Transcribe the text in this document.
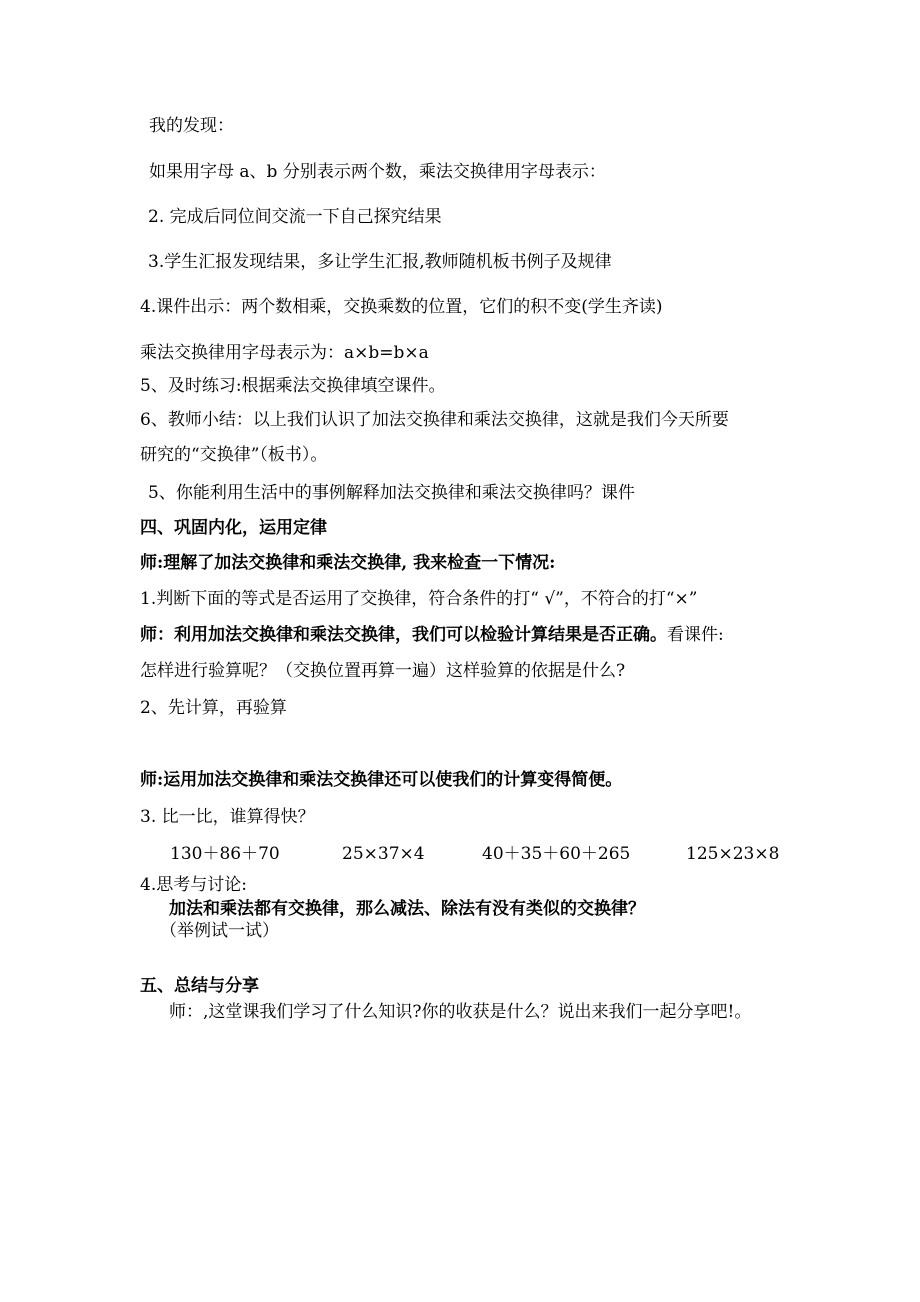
我的发现：
如果用字母 a、b 分别表示两个数，乘法交换律用字母表示：
2. 完成后同位间交流一下自己探究结果
3.学生汇报发现结果，多让学生汇报,教师随机板书例子及规律
4.课件出示：两个数相乘，交换乘数的位置，它们的积不变(学生齐读)
乘法交换律用字母表示为：a×b=b×a
5、及时练习:根据乘法交换律填空课件。
6、教师小结：以上我们认识了加法交换律和乘法交换律，这就是我们今天所要
研究的“交换律”（板书）。
5、你能利用生活中的事例解释加法交换律和乘法交换律吗？课件
四、巩固内化，运用定律
师:理解了加法交换律和乘法交换律, 我来检查一下情况:
1.判断下面的等式是否运用了交换律，符合条件的打“ √”，不符合的打“×”
师：利用加法交换律和乘法交换律，我们可以检验计算结果是否正确。看课件:
怎样进行验算呢？（交换位置再算一遍）这样验算的依据是什么?
2、先计算，再验算
师:运用加法交换律和乘法交换律还可以使我们的计算变得简便。
3. 比一比，谁算得快？
130＋86＋70	25×37×4	40＋35＋60＋265	125×23×8
4.思考与讨论:
加法和乘法都有交换律，那么减法、除法有没有类似的交换律？
（举例试一试）
五、总结与分享
师：,这堂课我们学习了什么知识?你的收获是什么？说出来我们一起分享吧!。
